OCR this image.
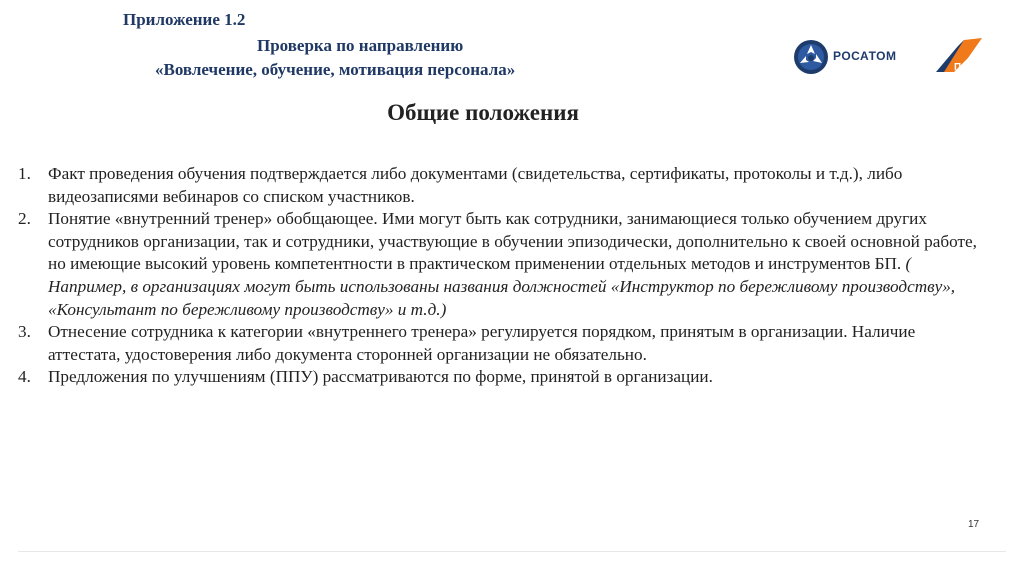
Приложение 1.2
Проверка по направлению
«Вовлечение, обучение, мотивация персонала»
РОСАТОМ
ПСР
Общие положения
1. Факт проведения обучения подтверждается либо документами (свидетельства, сертификаты, протоколы и т.д.), либо видеозаписями вебинаров со списком участников.
2. Понятие «внутренний тренер» обобщающее. Ими могут быть как сотрудники, занимающиеся только обучением других сотрудников организации, так и сотрудники, участвующие в обучении эпизодически, дополнительно к своей основной работе, но имеющие высокий уровень компетентности в практическом применении отдельных методов и инструментов БП. ( Например, в организациях могут быть использованы названия должностей «Инструктор по бережливому производству», «Консультант по бережливому производству» и т.д.)
3. Отнесение сотрудника к категории «внутреннего тренера» регулируется порядком, принятым в организации. Наличие аттестата, удостоверения либо документа сторонней организации не обязательно.
4. Предложения по улучшениям (ППУ) рассматриваются по форме, принятой в организации.
17
